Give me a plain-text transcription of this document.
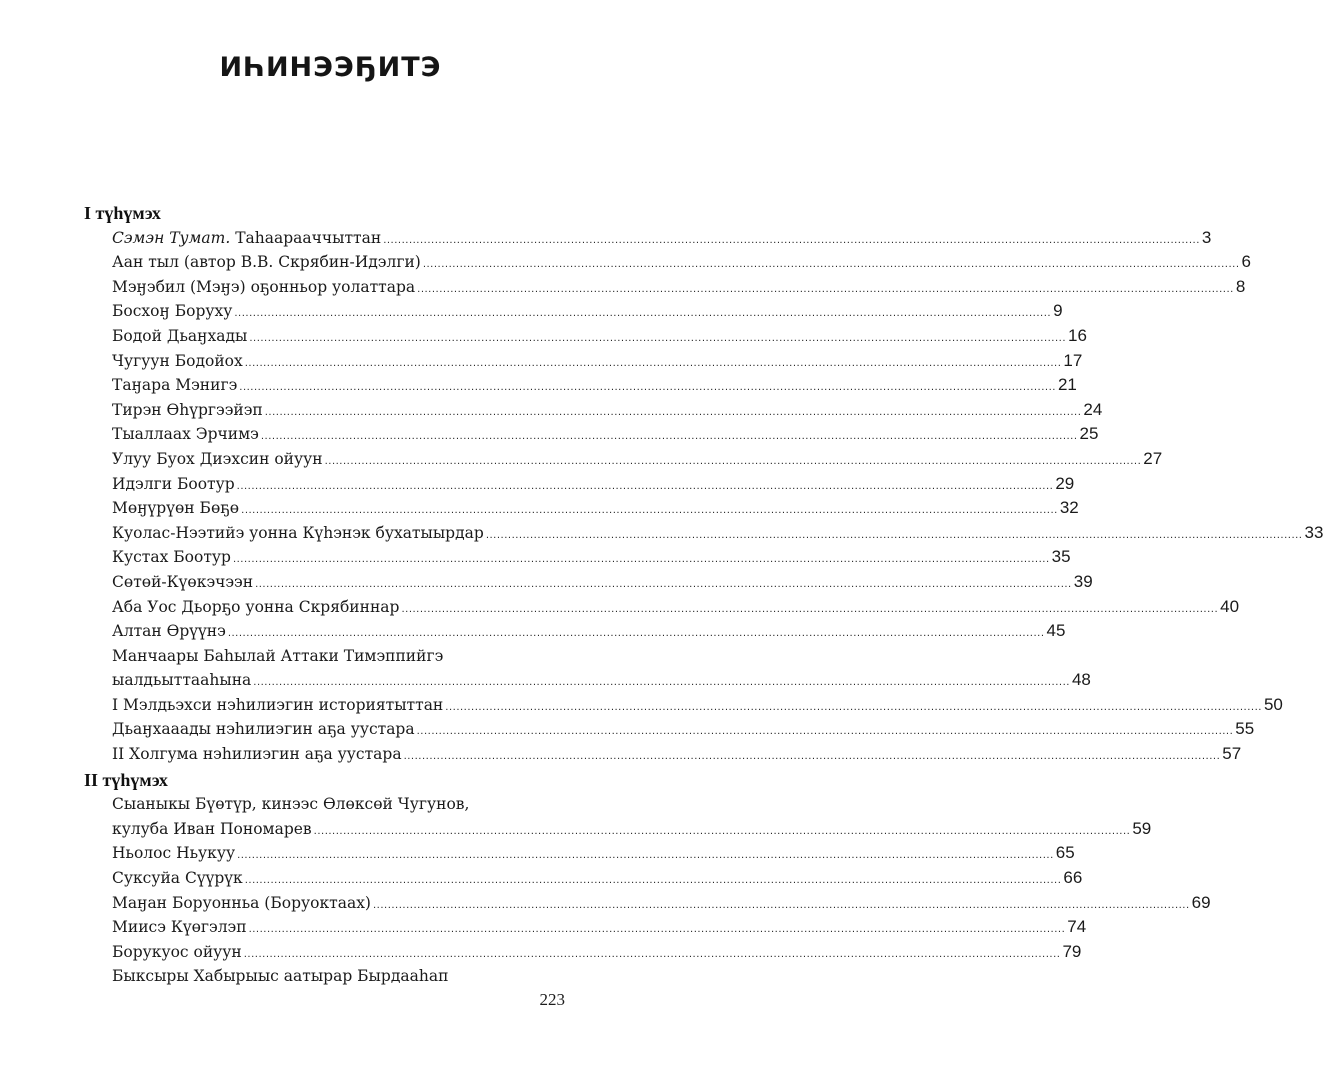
ИҺИНЭЭҔИТЭ
I түһүмэх
Сэмэн Тумат. Таһаарааччыттан .....	3
Аан тыл (автор В.В. Скрябин-Идэлги) .....	6
Мэӈэбил (Мэӈэ) оҕонньор уолаттара .....	8
Босхоӈ Боруху .....	9
Бодой Дьаӈхады .....	16
Чугуун Бодойох .....	17
Таӈара Мэнигэ .....	21
Тирэн Өһүргээйэп .....	24
Тыаллаах Эрчимэ .....	25
Улуу Буох Диэхсин ойуун .....	27
Идэлги Боотур .....	29
Мөӈүрүөн Бөҕө .....	32
Куолас-Нээтийэ уонна Күһэнэк бухатыырдар .....	33
Кустах Боотур .....	35
Сөтөй-Күөкэчээн .....	39
Аба Уос Дьорҕо уонна Скрябиннар .....	40
Алтан Өрүүнэ .....	45
Манчаары Баһылай Аттаки Тимэппийгэ
ыалдьыттааһына .....	48
I Мэлдьэхси нэһилиэгин историятыттан .....	50
Дьаӈхааады нэһилиэгин аҕа уустара .....	55
II Холгума нэһилиэгин аҕа уустара .....	57
II түһүмэх
Сыаныкы Бүөтүр, кинээс Өлөксөй Чугунов,
кулуба Иван Пономарев .....	59
Ньолос Ньукуу .....	65
Суксуйа Сүүрүк .....	66
Маӈан Боруонньа (Боруоктаах) .....	69
Миисэ Күөгэлэп .....	74
Борукуос ойуун .....	79
Быксыры Хабырыыс аатырар Бырдааһап
223
